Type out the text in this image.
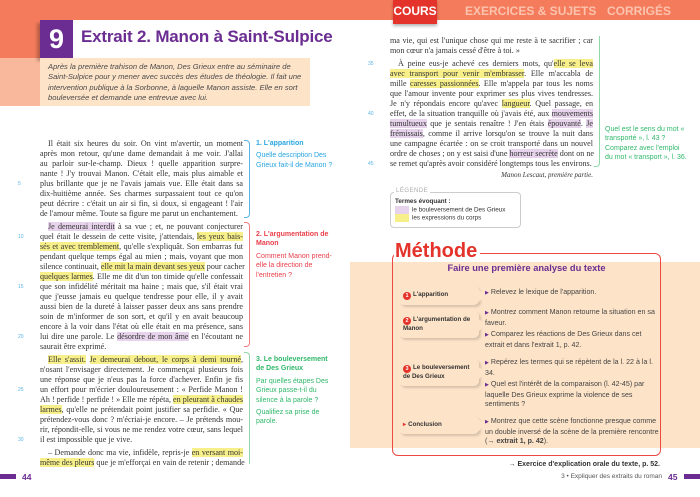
9 Extrait 2. Manon à Saint-Sulpice
Après la première trahison de Manon, Des Grieux entre au séminaire de Saint-Sulpice pour y mener avec succès des études de théologie. Il fait une intervention publique à la Sorbonne, à laquelle Manon assiste. Elle en sort bouleversée et demande une entrevue avec lui.
COURS EXERCICES & SUJETS CORRIGÉS
Il était six heures du soir. On vint m'avertir, un moment
après mon retour, qu'une dame demandait à me voir. J'allai
au parloir sur-le-champ. Dieux ! quelle apparition surpre-
nante ! J'y trouvai Manon. C'était elle, mais plus aimable et
5	plus brillante que je ne l'avais jamais vue. Elle était dans sa
dix-huitième année. Ses charmes surpassaient tout ce qu'on
peut décrire : c'était un air si fin, si doux, si engageant ! l'air
de l'amour même. Toute sa figure me parut un enchantement.
Je demeurai interdit à sa vue ; et, ne pouvant conjecturer
10	quel était le dessein de cette visite, j'attendais, les yeux bais-
sés et avec tremblement, qu'elle s'expliquât. Son embarras fut
pendant quelque temps égal au mien ; mais, voyant que mon
silence continuait, elle mit la main devant ses yeux pour cacher
quelques larmes. Elle me dit d'un ton timide qu'elle confessait
15	que son infidélité méritait ma haine ; mais que, s'il était vrai
que j'eusse jamais eu quelque tendresse pour elle, il y avait
aussi bien de la dureté à laisser passer deux ans sans prendre
soin de m'informer de son sort, et qu'il y en avait beaucoup
encore à la voir dans l'état où elle était en ma présence, sans
20	lui dire une parole. Le désordre de mon âme en l'écoutant ne
saurait être exprimé.
Elle s'assit. Je demeurai debout, le corps à demi tourné,
n'osant l'envisager directement. Je commençai plusieurs fois
une réponse que je n'eus pas la force d'achever. Enfin je fis
25	un effort pour m'écrier douloureusement : « Perfide Manon !
Ah ! perfide ! perfide ! » Elle me répéta, en pleurant à chaudes
larmes, qu'elle ne prétendait point justifier sa perfidie. « Que
prétendez-vous donc ? m'écriai-je encore. – Je prétends mou-
rir, répondit-elle, si vous ne me rendez votre cœur, sans lequel
30	il est impossible que je vive.
– Demande donc ma vie, infidèle, repris-je en versant moi-
même des pleurs que je m'efforçai en vain de retenir ; demande
ma vie, qui est l'unique chose qui me reste à te sacrifier ; car
mon cœur n'a jamais cessé d'être à toi. »
35	À peine eus-je achevé ces derniers mots, qu'elle se leva
avec transport pour venir m'embrasser. Elle m'accabla de
mille caresses passionnées. Elle m'appela par tous les noms
que l'amour invente pour exprimer ses plus vives tendresses.
Je n'y répondais encore qu'avec langueur. Quel passage, en
40	effet, de la situation tranquille où j'avais été, aux mouvements
tumultueux que je sentais renaître ! J'en étais épouvanté. Je
frémissais, comme il arrive lorsqu'on se trouve la nuit dans
une campagne écartée : on se croit transporté dans un nouvel
ordre de choses ; on y est saisi d'une horreur secrète dont on ne
45	se remet qu'après avoir considéré longtemps tous les environs.
Manon Lescaut, première partie.
1. L'apparition
Quelle description Des Grieux fait-il de Manon ?
2. L'argumentation de Manon
Comment Manon prend-elle la direction de l'entretien ?
3. Le bouleversement de Des Grieux
Par quelles étapes Des Grieux passe-t-il du silence à la parole ?
Qualifiez sa prise de parole.
Quel est le sens du mot « transporté », l. 43 ? Comparez avec l'emploi du mot « transport », l. 36.
LÉGENDE
Termes évoquant :
le bouleversement de Des Grieux
les expressions du corps
Méthode
Faire une première analyse du texte
1 L'apparition	▶ Relevez le lexique de l'apparition.

2 L'argumentation de Manon

▶ Montrez comment Manon retourne la situation en sa faveur.

▶ Comparez les réactions de Des Grieux dans cet extrait et dans l'extrait 1, p. 42.

3 Le bouleversement de Des Grieux

▶ Repérez les termes qui se répètent de la l. 22 à la l. 34.

▶ Quel est l'intérêt de la comparaison (l. 42-45) par laquelle Des Grieux exprime la violence de ses sentiments ?

▸ Conclusion	▶ Montrez que cette scène fonctionne presque comme un double inversé de la scène de la première rencontre (→ extrait 1, p. 42).

→ Exercice d'explication orale du texte, p. 52.
3 • Expliquer des extraits du roman 45
44
